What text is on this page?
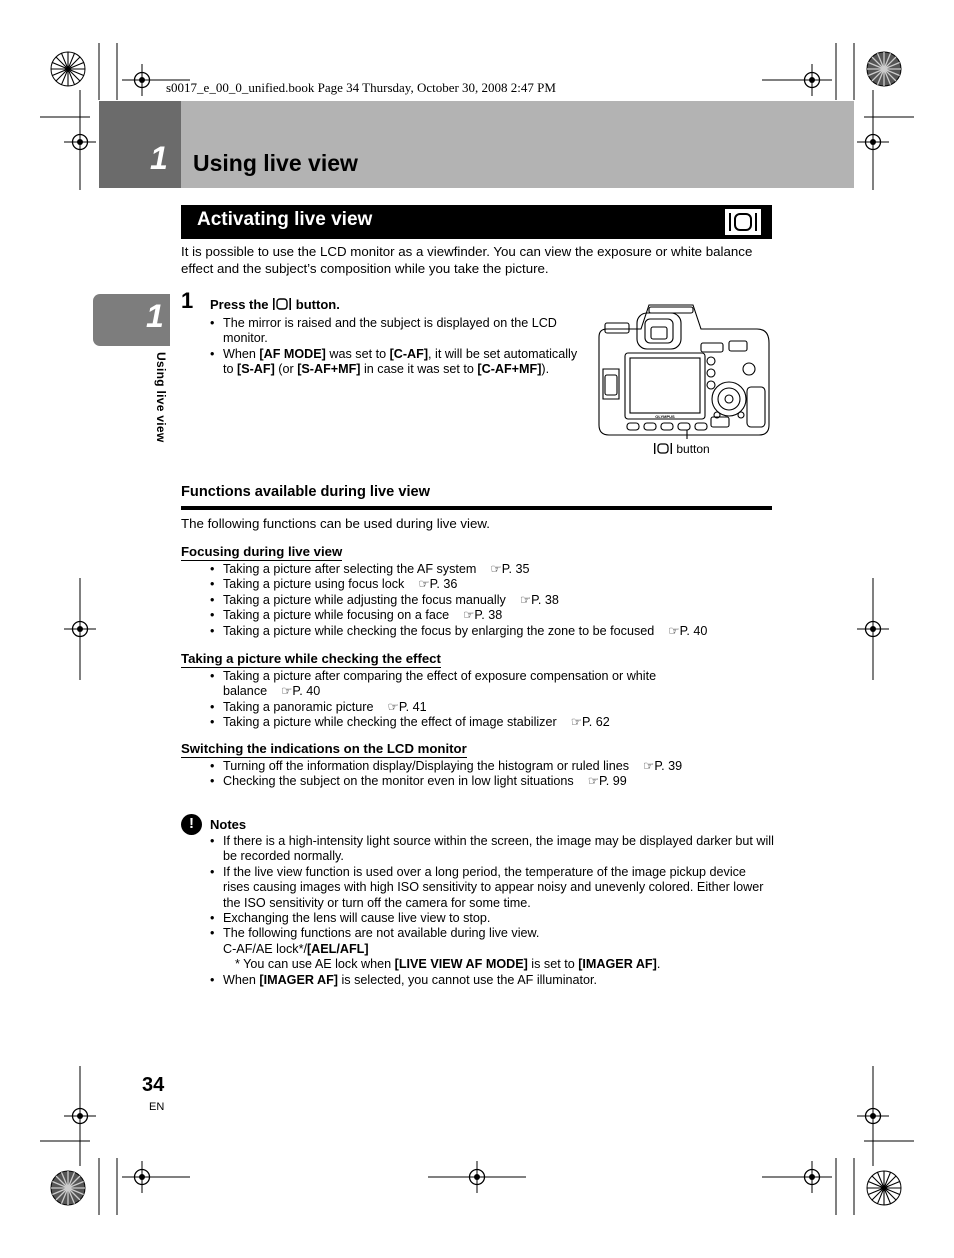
s0017_e_00_0_unified.book Page 34 Thursday, October 30, 2008 2:47 PM
1 Using live view
Activating live view
It is possible to use the LCD monitor as a viewfinder. You can view the exposure or white balance effect and the subject’s composition while you take the picture.
1
Using live view
1 Press the button.
• The mirror is raised and the subject is displayed on the LCD monitor.
• When [AF MODE] was set to [C-AF], it will be set automatically to [S-AF] (or [S-AF+MF] in case it was set to [C-AF+MF]).
OLYMPUS
button
Functions available during live view
The following functions can be used during live view.
Focusing during live view
• Taking a picture after selecting the AF system ☞P. 35
• Taking a picture using focus lock ☞P. 36
• Taking a picture while adjusting the focus manually ☞P. 38
• Taking a picture while focusing on a face ☞P. 38
• Taking a picture while checking the focus by enlarging the zone to be focused ☞P. 40
Taking a picture while checking the effect
• Taking a picture after comparing the effect of exposure compensation or white balance ☞P. 40
• Taking a panoramic picture ☞P. 41
• Taking a picture while checking the effect of image stabilizer ☞P. 62
Switching the indications on the LCD monitor
• Turning off the information display/Displaying the histogram or ruled lines ☞P. 39
• Checking the subject on the monitor even in low light situations ☞P. 99
!	Notes
• If there is a high-intensity light source within the screen, the image may be displayed darker but will be recorded normally.
• If the live view function is used over a long period, the temperature of the image pickup device rises causing images with high ISO sensitivity to appear noisy and unevenly colored. Either lower the ISO sensitivity or turn off the camera for some time.
• Exchanging the lens will cause live view to stop.
• The following functions are not available during live view.
C-AF/AE lock*/[AEL/AFL]
* You can use AE lock when [LIVE VIEW AF MODE] is set to [IMAGER AF].
• When [IMAGER AF] is selected, you cannot use the AF illuminator.
34
EN
